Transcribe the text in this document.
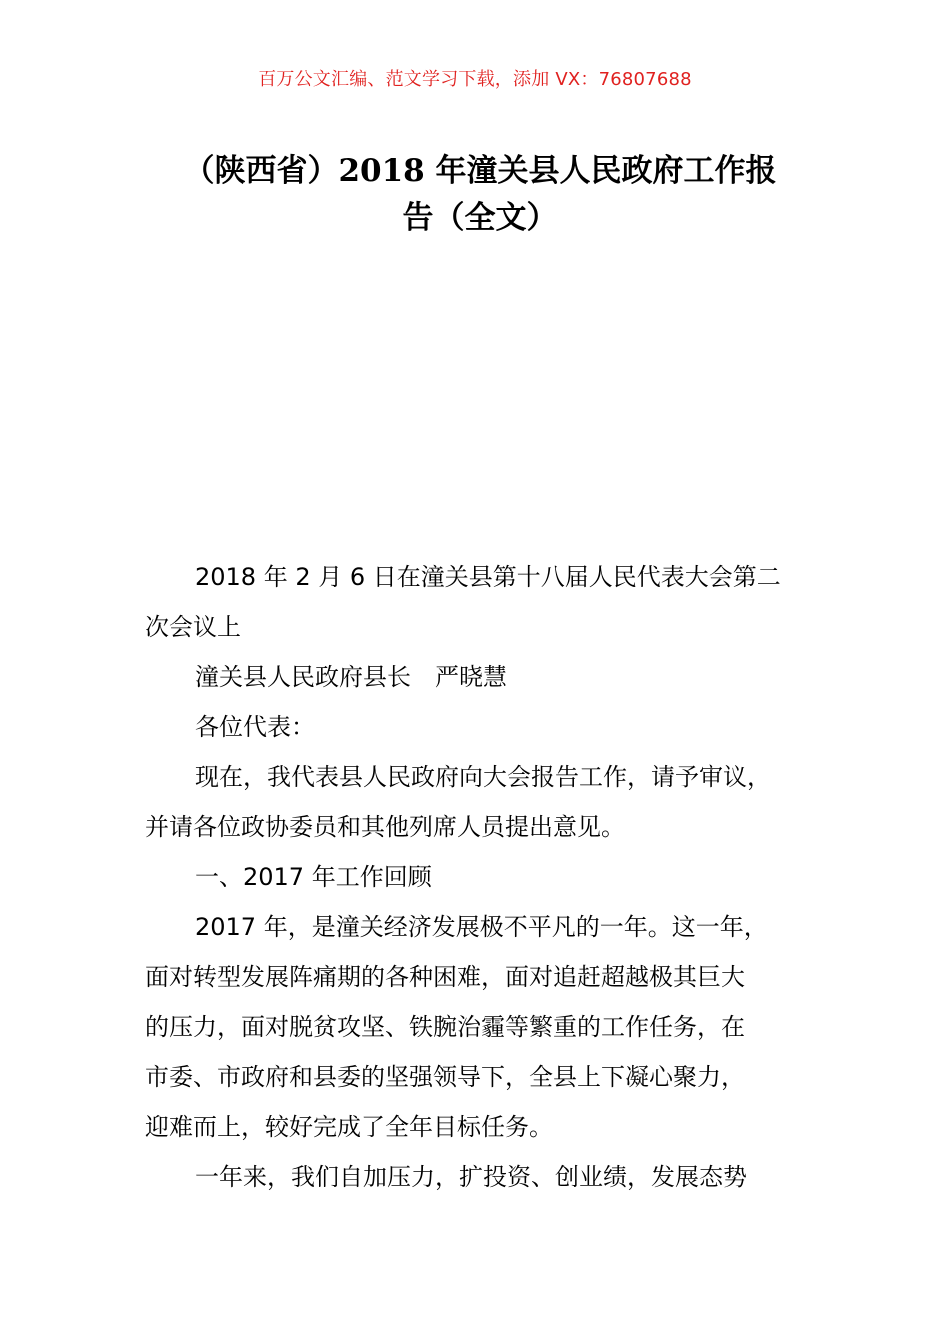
百万公文汇编、范文学习下载，添加 VX：76807688
（陕西省）2018 年潼关县人民政府工作报
告（全文）

2018 年 2 月 6 日在潼关县第十八届人民代表大会第二

次会议上

潼关县人民政府县长　严晓慧

各位代表：

现在，我代表县人民政府向大会报告工作，请予审议，

并请各位政协委员和其他列席人员提出意见。

一、2017 年工作回顾

2017 年，是潼关经济发展极不平凡的一年。这一年，

面对转型发展阵痛期的各种困难，面对追赶超越极其巨大

的压力，面对脱贫攻坚、铁腕治霾等繁重的工作任务，在

市委、市政府和县委的坚强领导下，全县上下凝心聚力，

迎难而上，较好完成了全年目标任务。

一年来，我们自加压力，扩投资、创业绩，发展态势
